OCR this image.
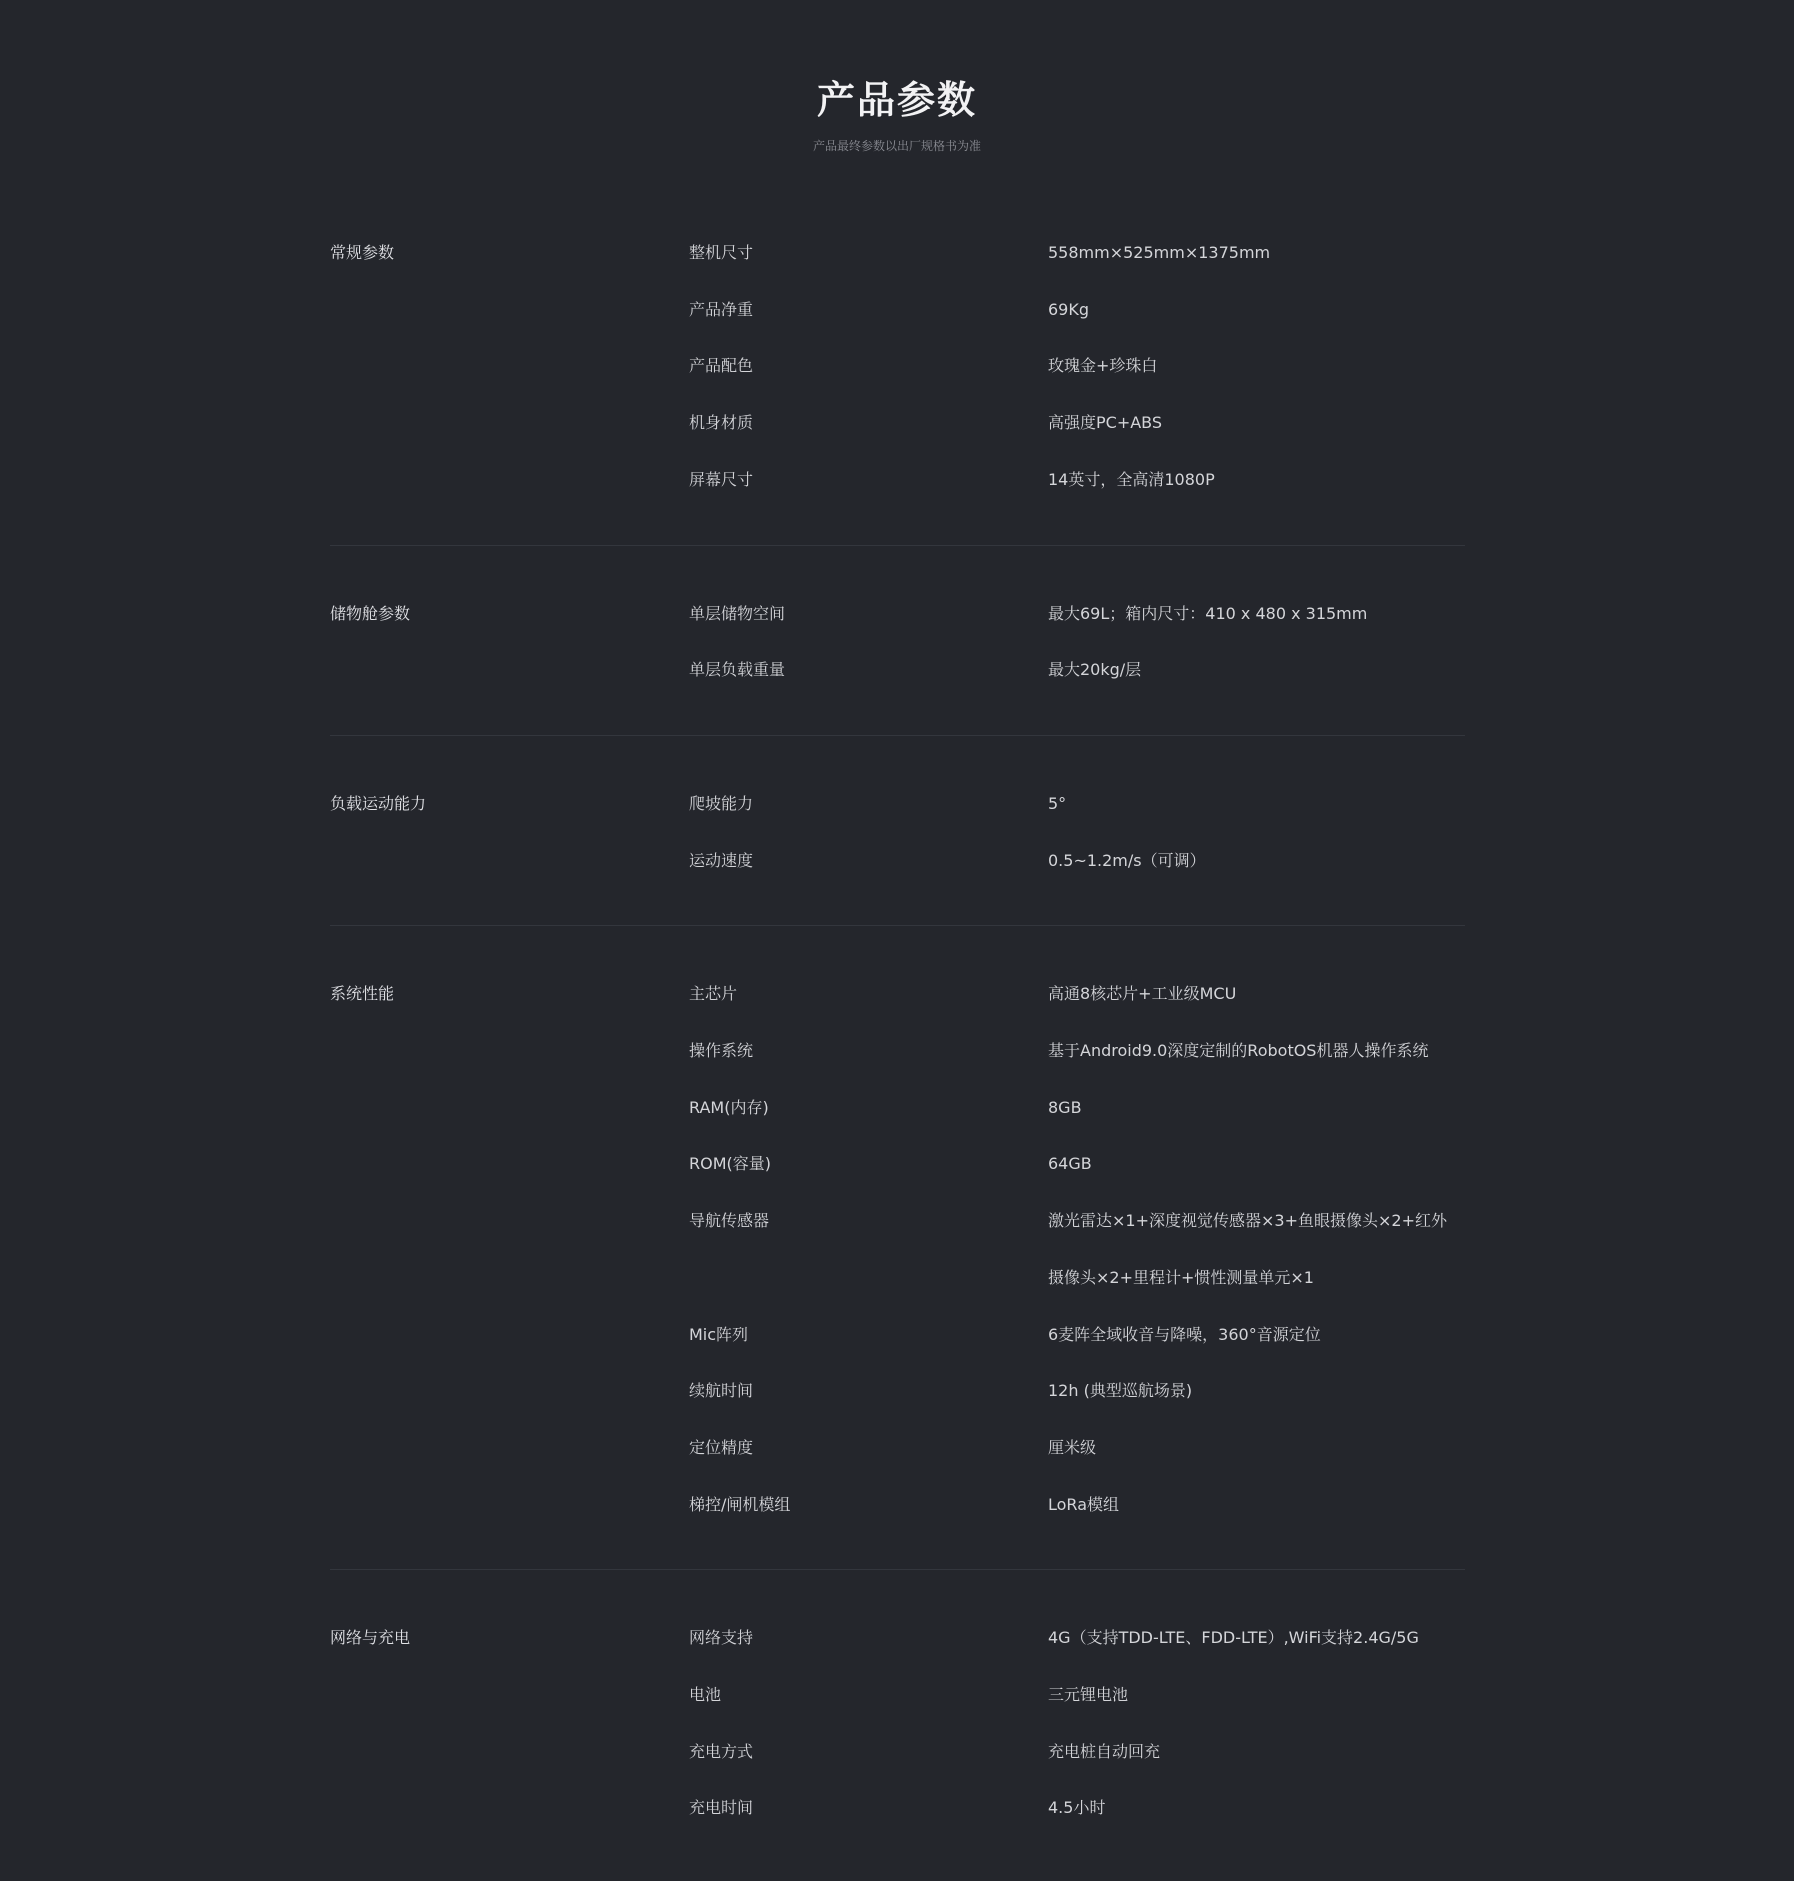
产品参数
产品最终参数以出厂规格书为准
常规参数	整机尺寸	558mm×525mm×1375mm
产品净重	69Kg
产品配色	玫瑰金+珍珠白
机身材质	高强度PC+ABS
屏幕尺寸	14英寸，全高清1080P
储物舱参数	单层储物空间	最大69L；箱内尺寸：410 x 480 x 315mm
单层负载重量	最大20kg/层
负载运动能力	爬坡能力	5°
运动速度	0.5~1.2m/s（可调）
系统性能	主芯片	高通8核芯片+工业级MCU
操作系统	基于Android9.0深度定制的RobotOS机器人操作系统
RAM(内存)	8GB
ROM(容量)	64GB
导航传感器	激光雷达×1+深度视觉传感器×3+鱼眼摄像头×2+红外
摄像头×2+里程计+惯性测量单元×1
Mic阵列	6麦阵全域收音与降噪，360°音源定位
续航时间	12h (典型巡航场景)
定位精度	厘米级
梯控/闸机模组	LoRa模组
网络与充电	网络支持	4G（支持TDD-LTE、FDD-LTE）,WiFi支持2.4G/5G
电池	三元锂电池
充电方式	充电桩自动回充
充电时间	4.5小时
